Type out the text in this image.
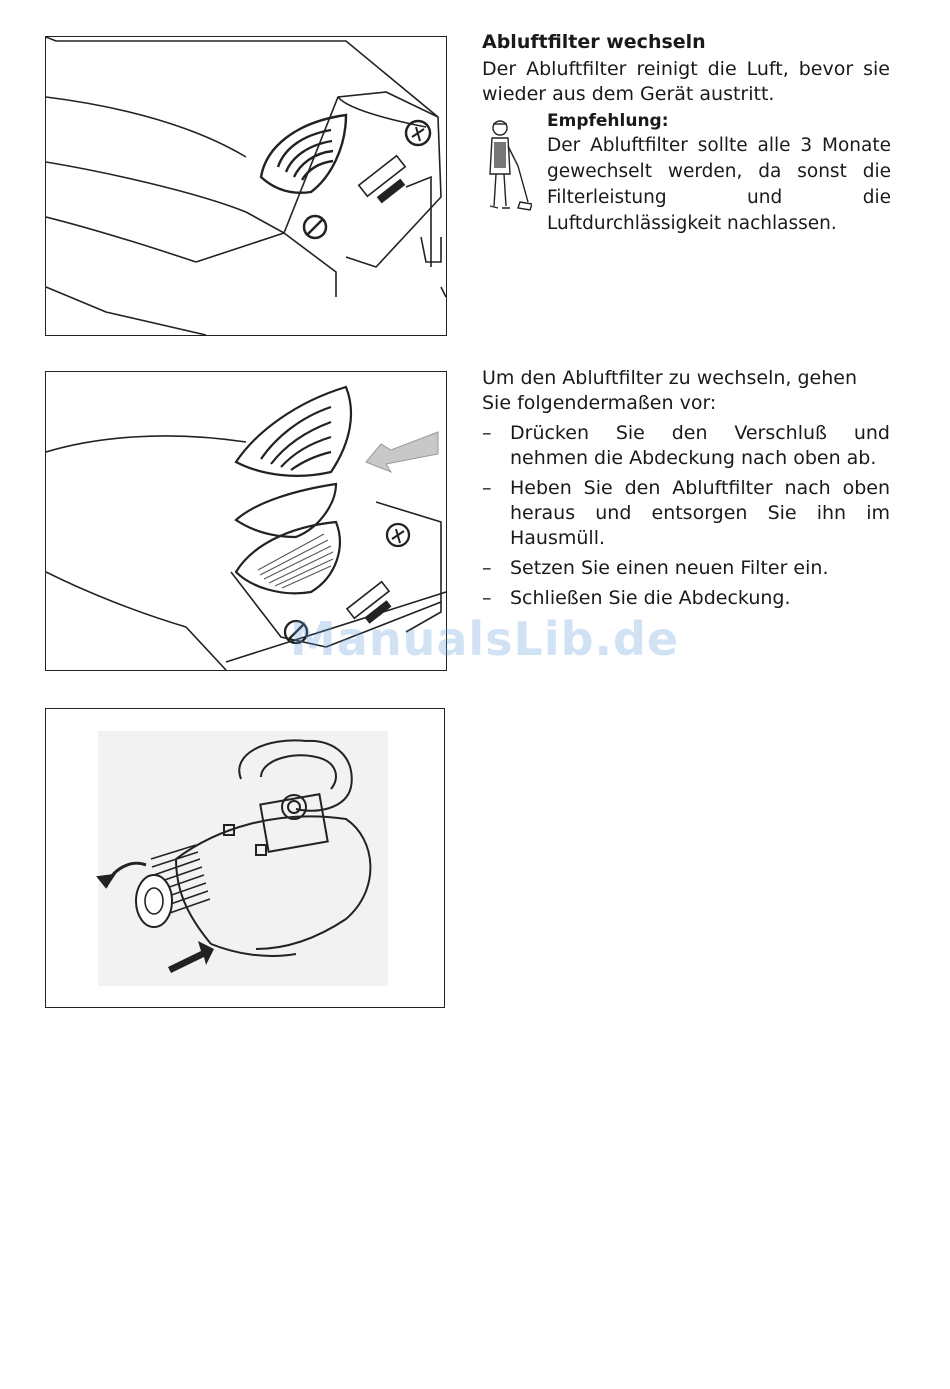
Abluftfilter wechseln
Der Abluftfilter reinigt die Luft, bevor sie wieder aus dem Gerät austritt.
Empfehlung:
Der Abluftfilter sollte alle 3 Monate gewechselt werden, da sonst die Filterleistung und die Luftdurchlässigkeit nachlassen.
Um den Abluftfilter zu wechseln, gehen Sie folgendermaßen vor:
– Drücken Sie den Verschluß und nehmen die Abdeckung nach oben ab.
– Heben Sie den Abluftfilter nach oben heraus und entsorgen Sie ihn im Hausmüll.
– Setzen Sie einen neuen Filter ein.
– Schließen Sie die Abdeckung.
ManualsLib.de
